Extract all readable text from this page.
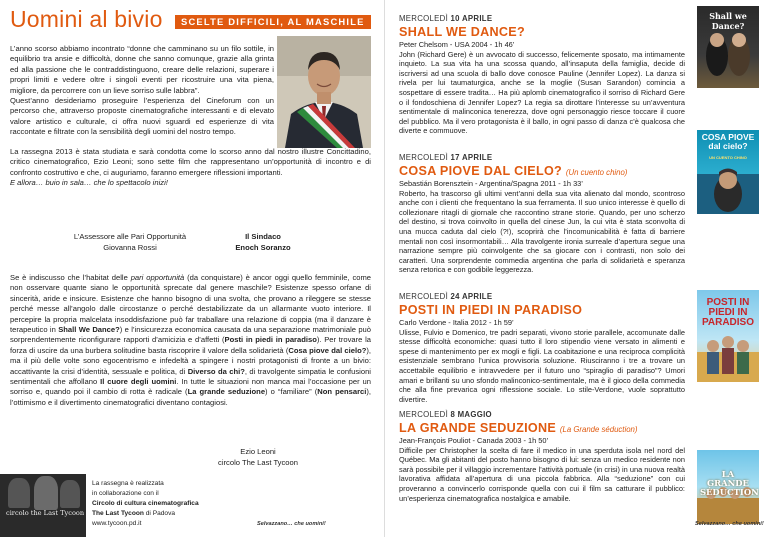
Uomini al bivio	SCELTE DIFFICILI, AL MASCHILE

L’anno scorso abbiamo incontrato “donne che camminano su un filo sottile, in equilibrio tra ansie e difficoltà, donne che sanno comunque, grazie alla grinta ed alla passione che le contraddistinguono, creare delle relazioni, superare i propri limiti e vedere oltre i singoli eventi per ricostruire una vita piena, migliore, da percorrere con un lieve sorriso sulle labbra”.

Quest’anno desideriamo proseguire l’esperienza del Cineforum con un percorso che, attraverso proposte cinematografiche interessanti e di elevato valore artistico e culturale, ci offra nuovi sguardi ed esperienze di vita raccontate e filtrate con la sensibilità degli uomini del nostro tempo.

La rassegna 2013 è stata studiata e sarà condotta come lo scorso anno dal nostro illustre Concittadino, critico cinematografico, Ezio Leoni; sono sette film che rappresentano un’opportunità di incontro e di confronto costruttivo e che, ci auguriamo, faranno emergere riflessioni importanti.

E allora… buio in sala… che lo spettacolo inizi!

L’Assessore alle Pari Opportunità
Giovanna Rossi
Il Sindaco
Enoch Soranzo
Se è indiscusso che l’habitat delle pari opportunità (da conquistare) è ancor oggi quello femminile, come non osservare quante siano le opportunità sprecate dal genere maschile? Esistenze spesso orfane di sincerità, aride e insicure. Esistenze che hanno bisogno di una svolta, che provano a rileggere se stesse perché messe all’angolo dalle circostanze o perché destabilizzate da un allarmante vuoto interiore. Il percepire la propria malcelata insoddisfazione può far traballare una relazione di coppia (ma il danzare è terapeutico in Shall We Dance?) e l’insicurezza economica causata da una separazione matrimoniale può sorprendentemente riconfigurare rapporti d’amicizia e d’affetti (Posti in piedi in paradiso). Per trovare la forza di uscire da una burbera solitudine basta riscoprire il valore della solidarietà (Cosa piove dal cielo?), ma il più delle volte sono egocentrismo e infedeltà a spingere i nostri protagonisti di fronte a un bivio: accattivante la crisi d’identità, sessuale e politica, di Diverso da chi?, di travolgente simpatia le confusioni sentimentali che affollano Il cuore degli uomini. In tutte le situazioni non manca mai l’occasione per un sorriso e, quando poi il cambio di rotta è radicale (La grande seduzione) o “familiare” (Non pensarci), l’ottimismo e il divertimento cinematografici diventano contagiosi.
Ezio Leoni
circolo The Last Tycoon
circolo the Last Tycoon
La rassegna è realizzata
in collaborazione con il
Circolo di cultura cinematografica
The Last Tycoon di Padova
www.tycoon.pd.it	Selvazzano… che uomini!
MERCOLEDÌ 10 APRILE
SHALL WE DANCE?
Peter Chelsom - USA 2004 - 1h 46’
John (Richard Gere) è un avvocato di successo, felicemente sposato, ma intimamente inquieto. La sua vita ha una scossa quando, all’insaputa della famiglia, decide di iscriversi ad una scuola di ballo dove conosce Pauline (Jennifer Lopez). La danza si rivela per lui taumaturgica, anche se la moglie (Susan Sarandon) comincia a sospettare di essere tradita… Ha più aplomb cinematografico il sorriso di Richard Gere o il fondoschiena di Jennifer Lopez? La regia sa dirottare l’interesse su un’avventura sentimentale di malinconica tenerezza, dove ogni personaggio riesce toccare il cuore del pubblico. Ma il vero protagonista è il ballo, in ogni passo di danza c’è qualcosa che diverte e commuove.
MERCOLEDÌ 17 APRILE
COSA PIOVE DAL CIELO? (Un cuento chino)
Sebastián Borensztein - Argentina/Spagna 2011 - 1h 33’
Roberto, ha trascorso gli ultimi vent’anni della sua vita alienato dal mondo, scontroso anche con i clienti che frequentano la sua ferramenta. Il suo unico interesse è quello di collezionare ritagli di giornale che raccontino strane storie. Quando, per uno scherzo del destino, si trova coinvolto in quella del cinese Jun, la cui vita è stata sconvolta di una mucca caduta dal cielo (?!), scoprirà che l’incomunicabilità è fatta di barriere mentali non così insormontabili… Alla travolgente ironia surreale d’apertura segue una narrazione sempre più coinvolgente che sa giocare con i contrasti, non solo dei caratteri. Una sorprendente commedia argentina che parla di solidarietà e speranza senza retorica e con godibile leggerezza.
MERCOLEDÌ 24 APRILE
POSTI IN PIEDI IN PARADISO
Carlo Verdone - Italia 2012 - 1h 59’
Ulisse, Fulvio e Domenico, tre padri separati, vivono storie parallele, accomunate dalle stesse difficoltà economiche: quasi tutto il loro stipendio viene versato in alimenti e spese di mantenimento per ex mogli e figli. La coabitazione e una reciproca complicità esistenziale sembrano l’unica provvisoria soluzione. Riusciranno i tre a trovare un accettabile equilibrio e intravvedere per il futuro uno “spiraglio di paradiso”? Umori amari e brillanti su uno sfondo malinconico-sentimentale, ma è il gioco della commedia che alla fine prevarica ogni riflessione sociale. Lo stile-Verdone, vuole soprattutto divertire.
MERCOLEDÌ 8 MAGGIO
LA GRANDE SEDUZIONE (La Grande séduction)
Jean-François Pouliot - Canada 2003 - 1h 50’
Difficile per Christopher la scelta di fare il medico in una sperduta isola nel nord del Québec. Ma gli abitanti del posto hanno bisogno di lui: senza un medico residente non sarà possibile per il villaggio incrementare l’attività portuale (in crisi) in una nuova realtà lavorativa affidata all’apertura di una piccola fabbrica. Alla “seduzione” con cui proveranno a convincerlo corrisponde quella con cui il film sa catturare il pubblico: un’esperienza cinematografica nostalgica e amabile.
Shall we Dance?
COSA PIOVE dal cielo?
UN CUENTO CHINO
POSTI IN PIEDI IN PARADISO
LA GRANDE SÉDUCTION
Selvazzano… che uomini!
